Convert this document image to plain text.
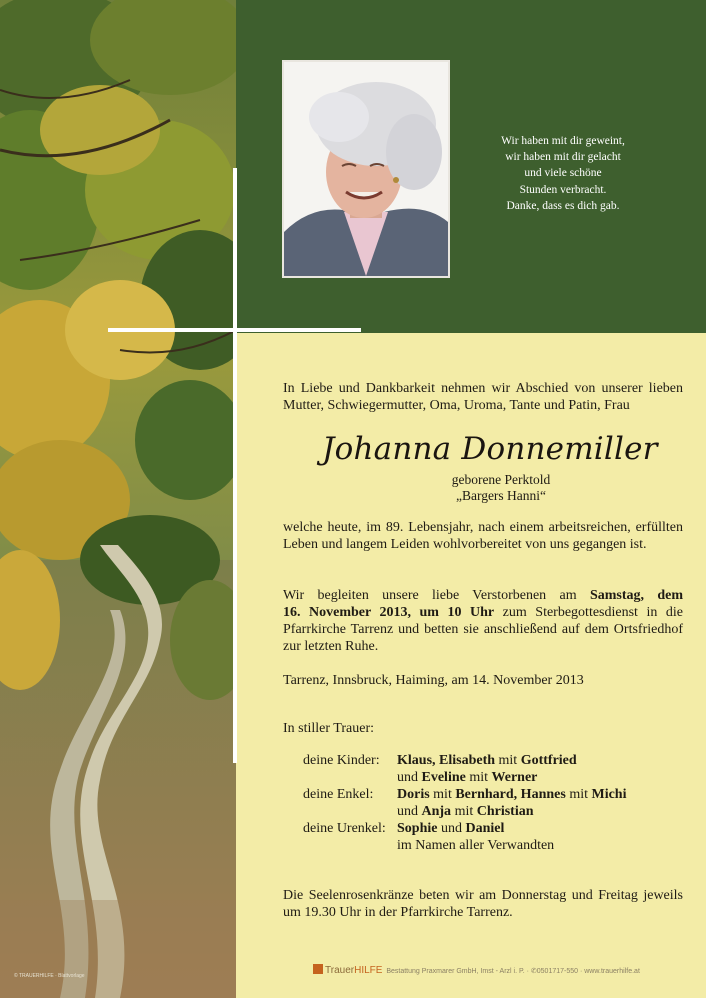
Wir haben mit dir geweint,
wir haben mit dir gelacht
und viele schöne
Stunden verbracht.
Danke, dass es dich gab.
In Liebe und Dankbarkeit nehmen wir Abschied von unserer lieben
Mutter, Schwiegermutter, Oma, Uroma, Tante und Patin, Frau
Johanna Donnemiller
geborene Perktold
„Bargers Hanni“
welche heute, im 89. Lebensjahr, nach einem arbeitsreichen, erfüllten
Leben und langem Leiden wohlvorbereitet von uns gegangen ist.
Wir begleiten unsere liebe Verstorbenen am Samstag, dem
16. November 2013, um 10 Uhr zum Sterbegottesdienst in die
Pfarrkirche Tarrenz und betten sie anschließend auf dem Ortsfriedhof
zur letzten Ruhe.
Tarrenz, Innsbruck, Haiming, am 14. November 2013
In stiller Trauer:
deine Kinder: Klaus, Elisabeth mit Gottfried
und Eveline mit Werner
deine Enkel: Doris mit Bernhard, Hannes mit Michi
und Anja mit Christian
deine Urenkel: Sophie und Daniel
im Namen aller Verwandten
Die Seelenrosenkränze beten wir am Donnerstag und Freitag jeweils
um 19.30 Uhr in der Pfarrkirche Tarrenz.
TrauerHILFE Bestattung Praxmarer GmbH, Imst - Arzl i. P. · ✆0501717-550 · www.trauerhilfe.at
© TRAUERHILFE · Blattvorlage
